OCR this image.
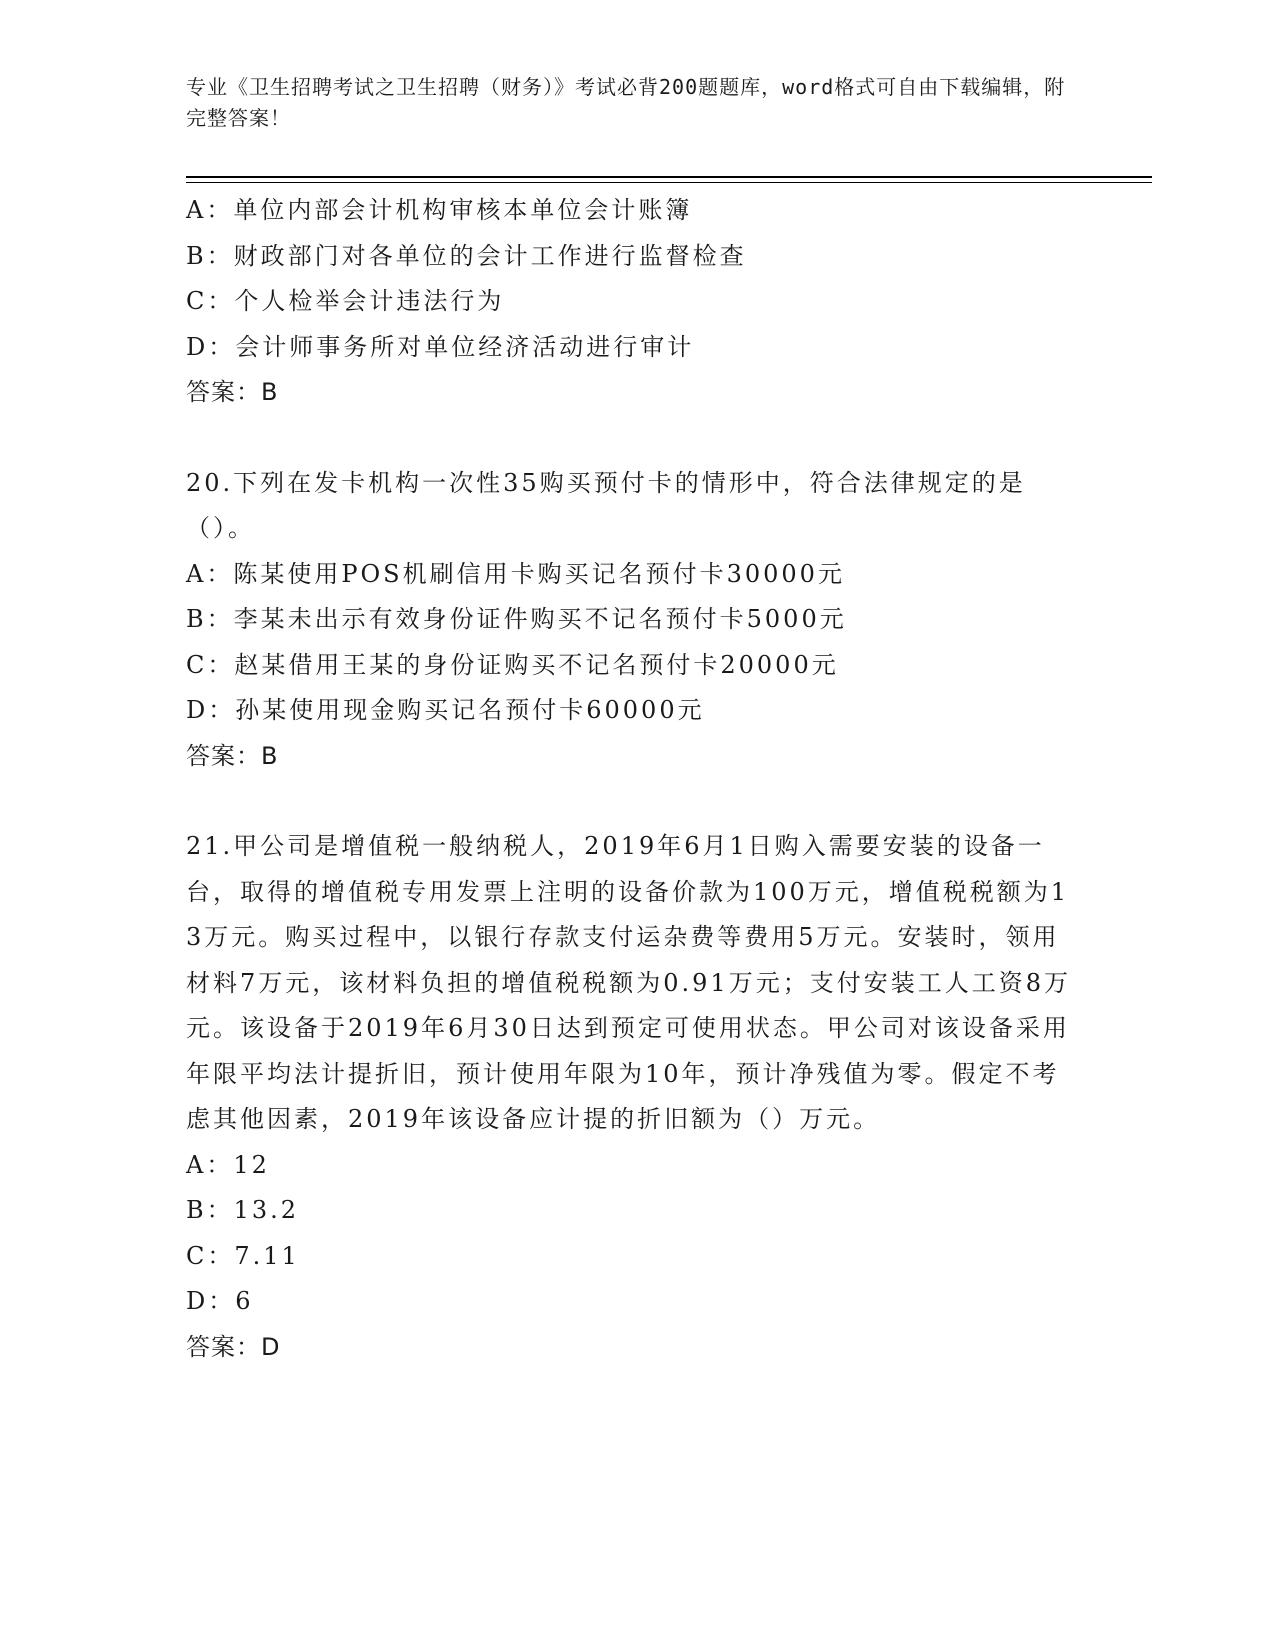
专业《卫生招聘考试之卫生招聘（财务）》考试必背200题题库，word格式可自由下载编辑，附完整答案！
A：单位内部会计机构审核本单位会计账簿
B：财政部门对各单位的会计工作进行监督检查
C：个人检举会计违法行为
D：会计师事务所对单位经济活动进行审计
答案：B
20.下列在发卡机构一次性35购买预付卡的情形中，符合法律规定的是（）。
A：陈某使用POS机刷信用卡购买记名预付卡30000元
B：李某未出示有效身份证件购买不记名预付卡5000元
C：赵某借用王某的身份证购买不记名预付卡20000元
D：孙某使用现金购买记名预付卡60000元
答案：B
21.甲公司是增值税一般纳税人，2019年6月1日购入需要安装的设备一台，取得的增值税专用发票上注明的设备价款为100万元，增值税税额为13万元。购买过程中，以银行存款支付运杂费等费用5万元。安装时，领用材料7万元，该材料负担的增值税税额为0.91万元；支付安装工人工资8万元。该设备于2019年6月30日达到预定可使用状态。甲公司对该设备采用年限平均法计提折旧，预计使用年限为10年，预计净残值为零。假定不考虑其他因素，2019年该设备应计提的折旧额为（）万元。
A：12
B：13.2
C：7.11
D：6
答案：D
